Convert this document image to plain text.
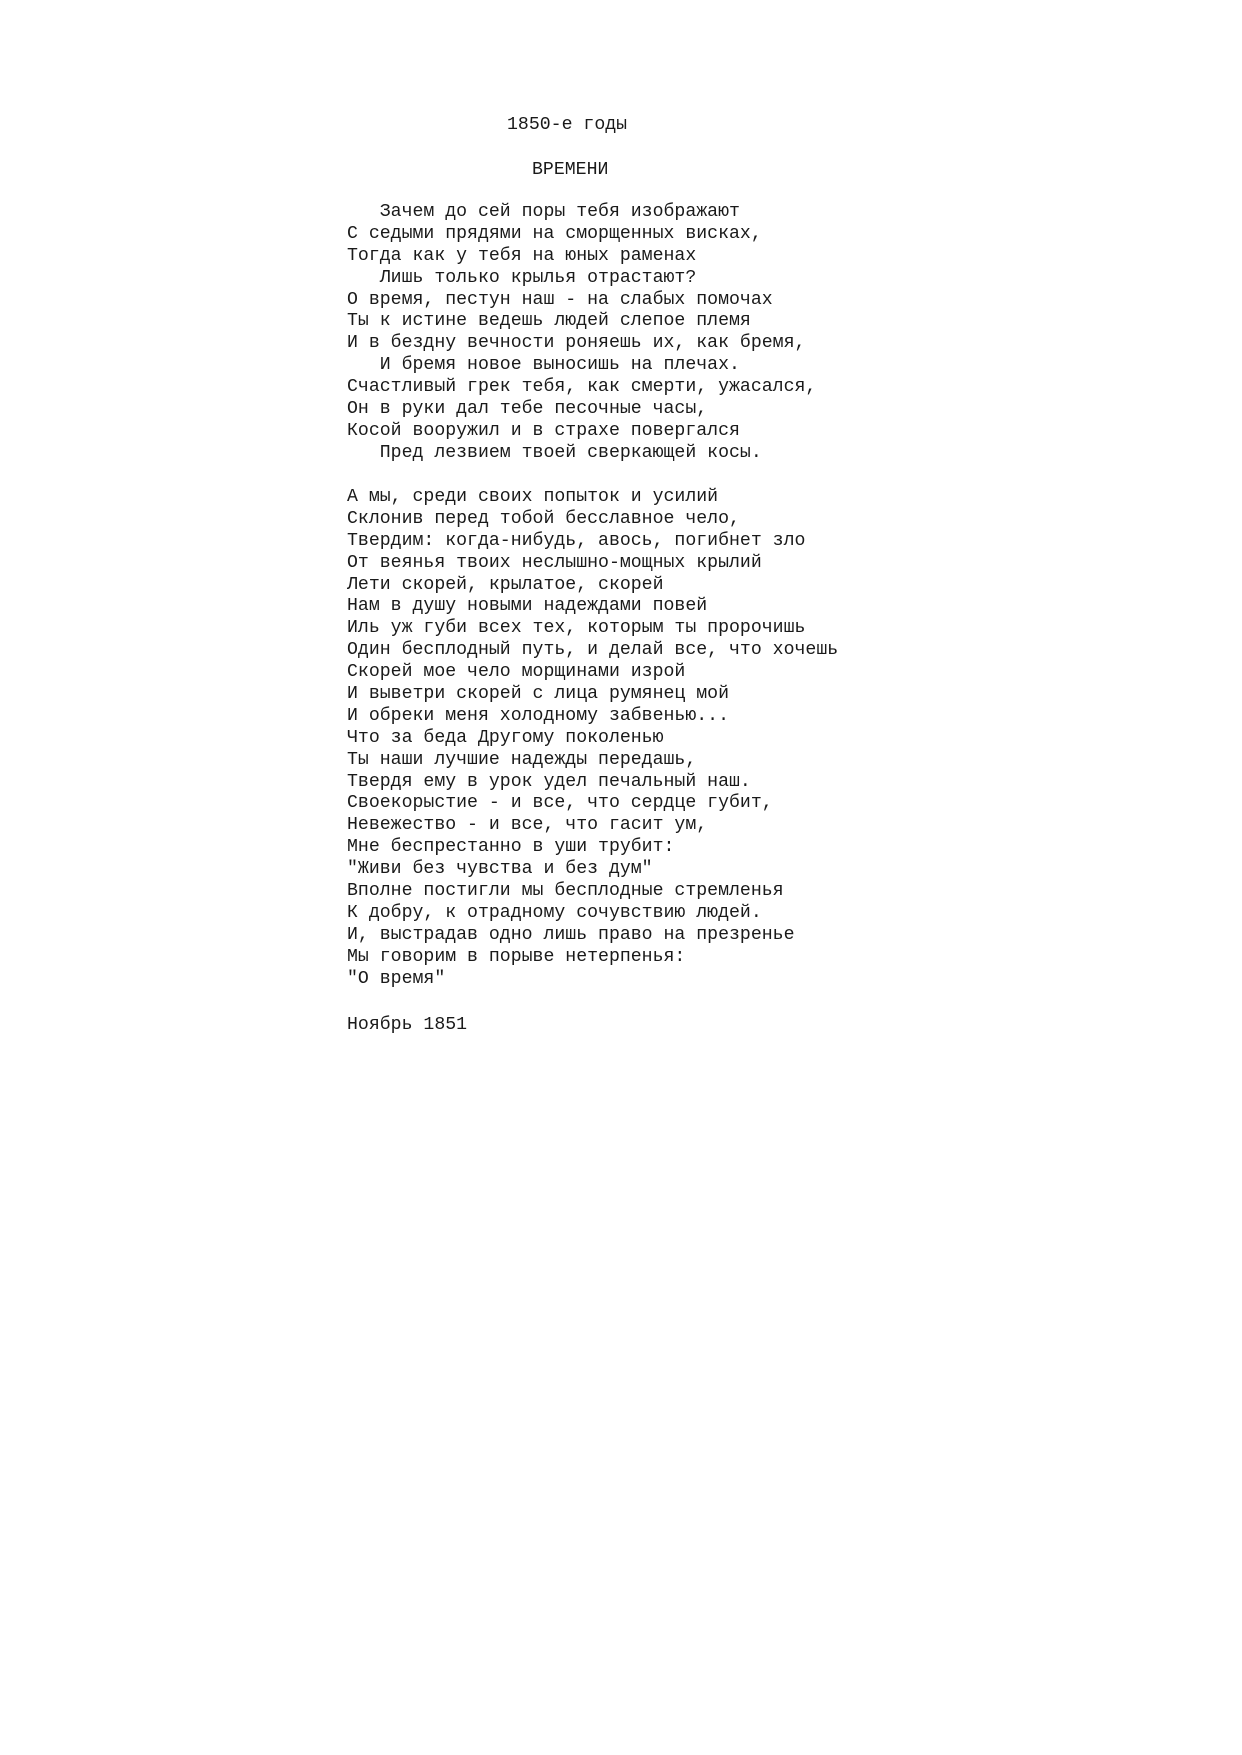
1850-е годы
ВРЕМЕНИ
Зачем до сей поры тебя изображают
С седыми прядями на сморщенных висках,
Тогда как у тебя на юных раменах
Лишь только крылья отрастают?
О время, пестун наш - на слабых помочах
Ты к истине ведешь людей слепое племя
И в бездну вечности роняешь их, как бремя,
И бремя новое выносишь на плечах.
Счастливый грек тебя, как смерти, ужасался,
Он в руки дал тебе песочные часы,
Косой вооружил и в страхе повергался
Пред лезвием твоей сверкающей косы.
А мы, среди своих попыток и усилий
Склонив перед тобой бесславное чело,
Твердим: когда-нибудь, авось, погибнет зло
От веянья твоих неслышно-мощных крылий
Лети скорей, крылатое, скорей
Нам в душу новыми надеждами повей
Иль уж губи всех тех, которым ты пророчишь
Один бесплодный путь, и делай все, что хочешь
Скорей мое чело морщинами изрой
И выветри скорей с лица румянец мой
И обреки меня холодному забвенью...
Что за беда Другому поколенью
Ты наши лучшие надежды передашь,
Твердя ему в урок удел печальный наш.
Своекорыстие - и все, что сердце губит,
Невежество - и все, что гасит ум,
Мне беспрестанно в уши трубит:
"Живи без чувства и без дум"
Вполне постигли мы бесплодные стремленья
К добру, к отрадному сочувствию людей.
И, выстрадав одно лишь право на презренье
Мы говорим в порыве нетерпенья:
"О время"
Ноябрь 1851
